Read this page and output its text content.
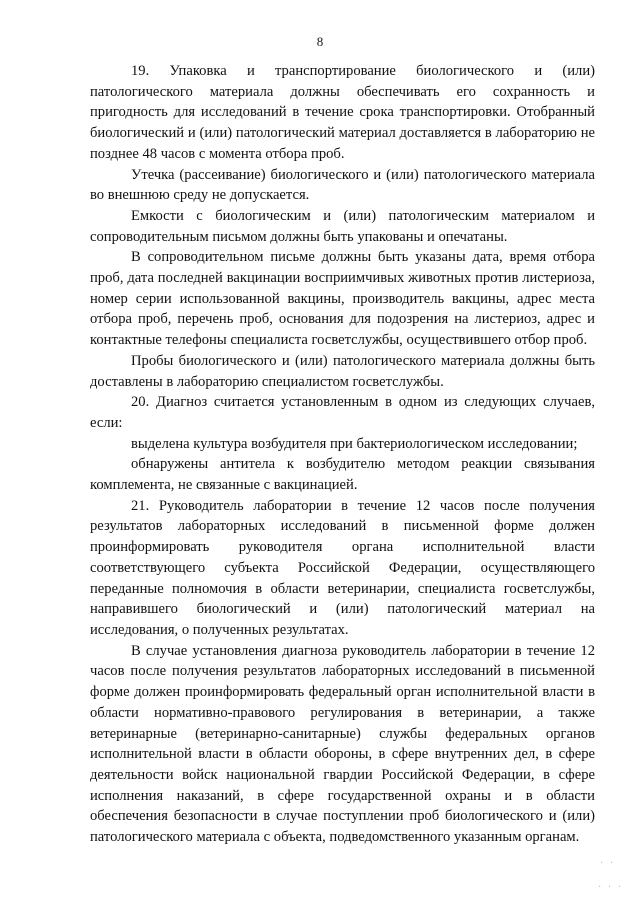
8

19. Упаковка и транспортирование биологического и (или) патологического материала должны обеспечивать его сохранность и пригодность для исследований в течение срока транспортировки. Отобранный биологический и (или) патологический материал доставляется в лабораторию не позднее 48 часов с момента отбора проб.

Утечка (рассеивание) биологического и (или) патологического материала во внешнюю среду не допускается.

Емкости с биологическим и (или) патологическим материалом и сопроводительным письмом должны быть упакованы и опечатаны.

В сопроводительном письме должны быть указаны дата, время отбора проб, дата последней вакцинации восприимчивых животных против листериоза, номер серии использованной вакцины, производитель вакцины, адрес места отбора проб, перечень проб, основания для подозрения на листериоз, адрес и контактные телефоны специалиста госветслужбы, осуществившего отбор проб.

Пробы биологического и (или) патологического материала должны быть доставлены в лабораторию специалистом госветслужбы.

20. Диагноз считается установленным в одном из следующих случаев, если:

выделена культура возбудителя при бактериологическом исследовании;

обнаружены антитела к возбудителю методом реакции связывания комплемента, не связанные с вакцинацией.

21. Руководитель лаборатории в течение 12 часов после получения результатов лабораторных исследований в письменной форме должен проинформировать руководителя органа исполнительной власти соответствующего субъекта Российской Федерации, осуществляющего переданные полномочия в области ветеринарии, специалиста госветслужбы, направившего биологический и (или) патологический материал на исследования, о полученных результатах.

В случае установления диагноза руководитель лаборатории в течение 12 часов после получения результатов лабораторных исследований в письменной форме должен проинформировать федеральный орган исполнительной власти в области нормативно-правового регулирования в ветеринарии, а также ветеринарные (ветеринарно-санитарные) службы федеральных органов исполнительной власти в области обороны, в сфере внутренних дел, в сфере деятельности войск национальной гвардии Российской Федерации, в сфере исполнения наказаний, в сфере государственной охраны и в области обеспечения безопасности в случае поступлении проб биологического и (или) патологического материала с объекта, подведомственного указанным органам.

· ·
· · ·
